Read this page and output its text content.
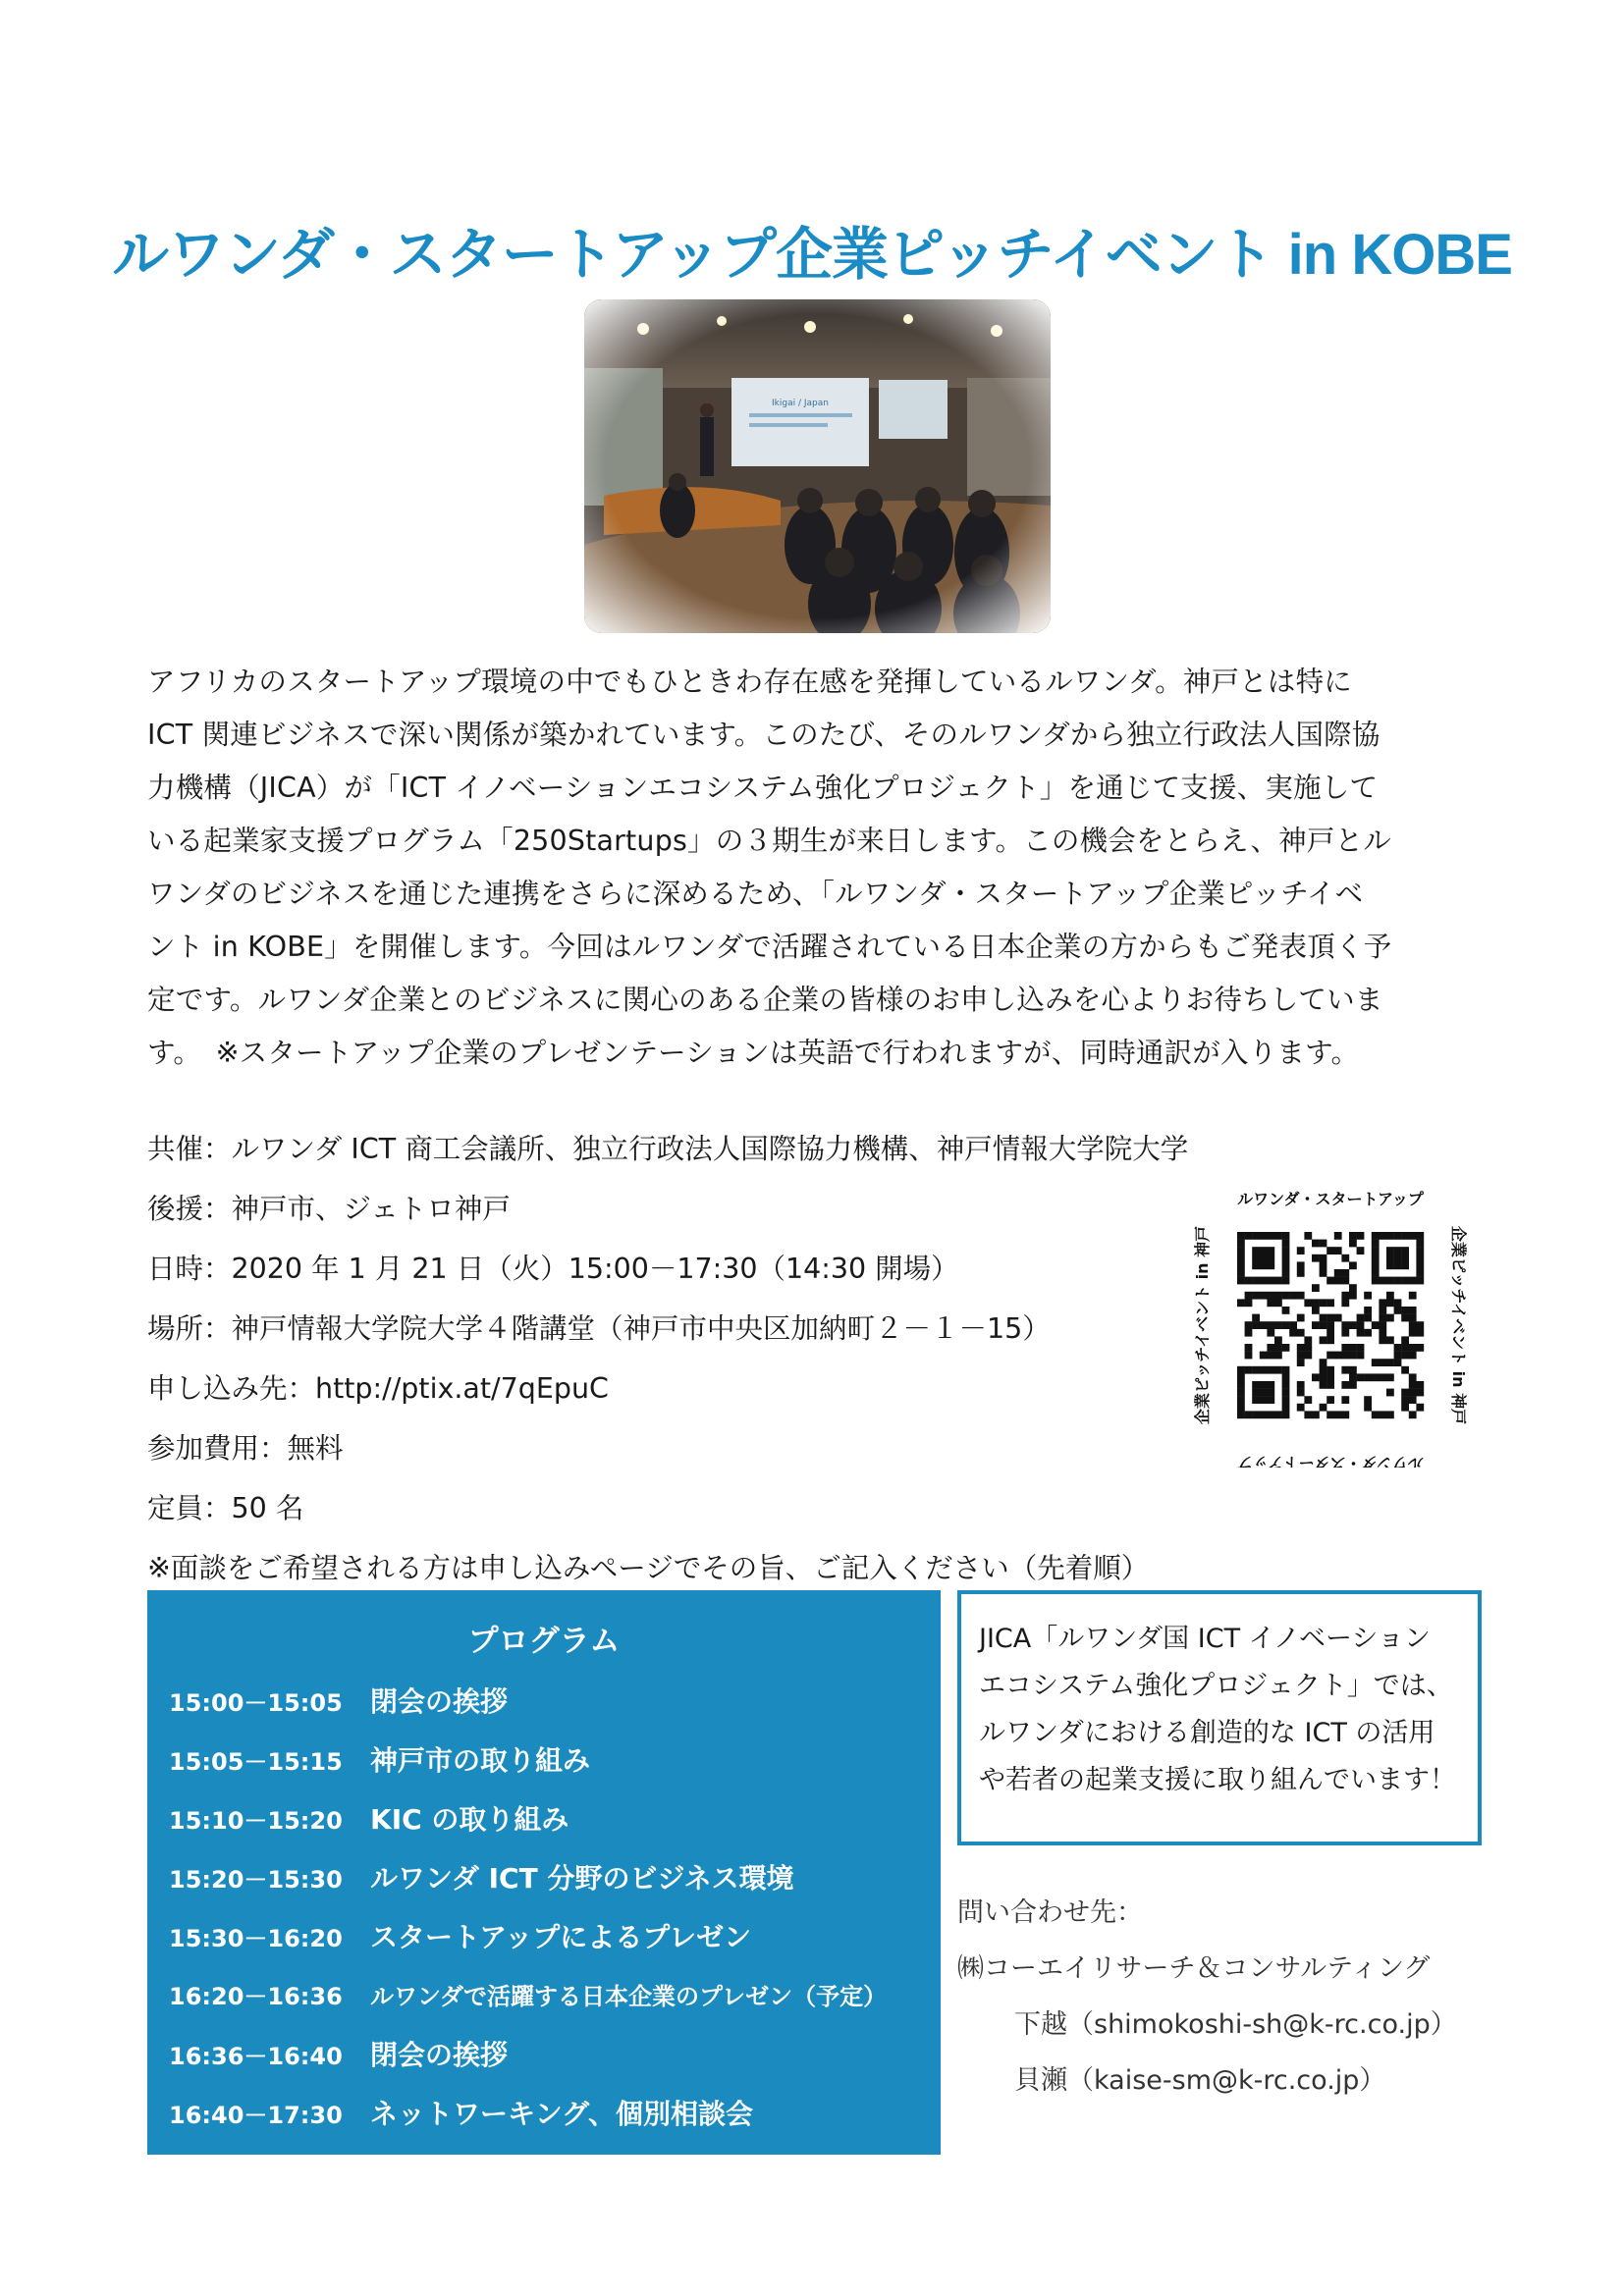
ルワンダ・スタートアップ企業ピッチイベント in KOBE
アフリカのスタートアップ環境の中でもひときわ存在感を発揮しているルワンダ。神戸とは特に
ICT 関連ビジネスで深い関係が築かれています。このたび、そのルワンダから独立行政法人国際協
力機構（JICA）が「ICT イノベーションエコシステム強化プロジェクト」を通じて支援、実施して
いる起業家支援プログラム「250Startups」の３期生が来日します。この機会をとらえ、神戸とル
ワンダのビジネスを通じた連携をさらに深めるため、「ルワンダ・スタートアップ企業ピッチイベ
ント in KOBE」を開催します。今回はルワンダで活躍されている日本企業の方からもご発表頂く予
定です。ルワンダ企業とのビジネスに関心のある企業の皆様のお申し込みを心よりお待ちしていま
す。　※スタートアップ企業のプレゼンテーションは英語で行われますが、同時通訳が入ります。
共催：ルワンダ ICT 商工会議所、独立行政法人国際協力機構、神戸情報大学院大学
後援：神戸市、ジェトロ神戸
日時：2020 年 1 月 21 日（火）15:00－17:30（14:30 開場）
場所：神戸情報大学院大学４階講堂（神戸市中央区加納町２－１－15）
申し込み先：http://ptix.at/7qEpuC
参加費用：無料
定員：50 名
※面談をご希望される方は申し込みページでその旨、ご記入ください（先着順）
ルワンダ・スタートアップ
企業ピッチイベント in 神戸
ルワンダ・スタートアップ
企業ピッチイベント in 神戸
プログラム
15:00－15:05 閉会の挨拶
15:05－15:15 神戸市の取り組み
15:10－15:20 KIC の取り組み
15:20－15:30 ルワンダ ICT 分野のビジネス環境
15:30－16:20 スタートアップによるプレゼン
16:20－16:36 ルワンダで活躍する日本企業のプレゼン（予定）
16:36－16:40 閉会の挨拶
16:40－17:30 ネットワーキング、個別相談会
JICA「ルワンダ国 ICT イノベーション
エコシステム強化プロジェクト」では、
ルワンダにおける創造的な ICT の活用
や若者の起業支援に取り組んでいます！
問い合わせ先：
㈱コーエイリサーチ＆コンサルティング
下越（shimokoshi-sh@k-rc.co.jp）
貝瀬（kaise-sm@k-rc.co.jp）
